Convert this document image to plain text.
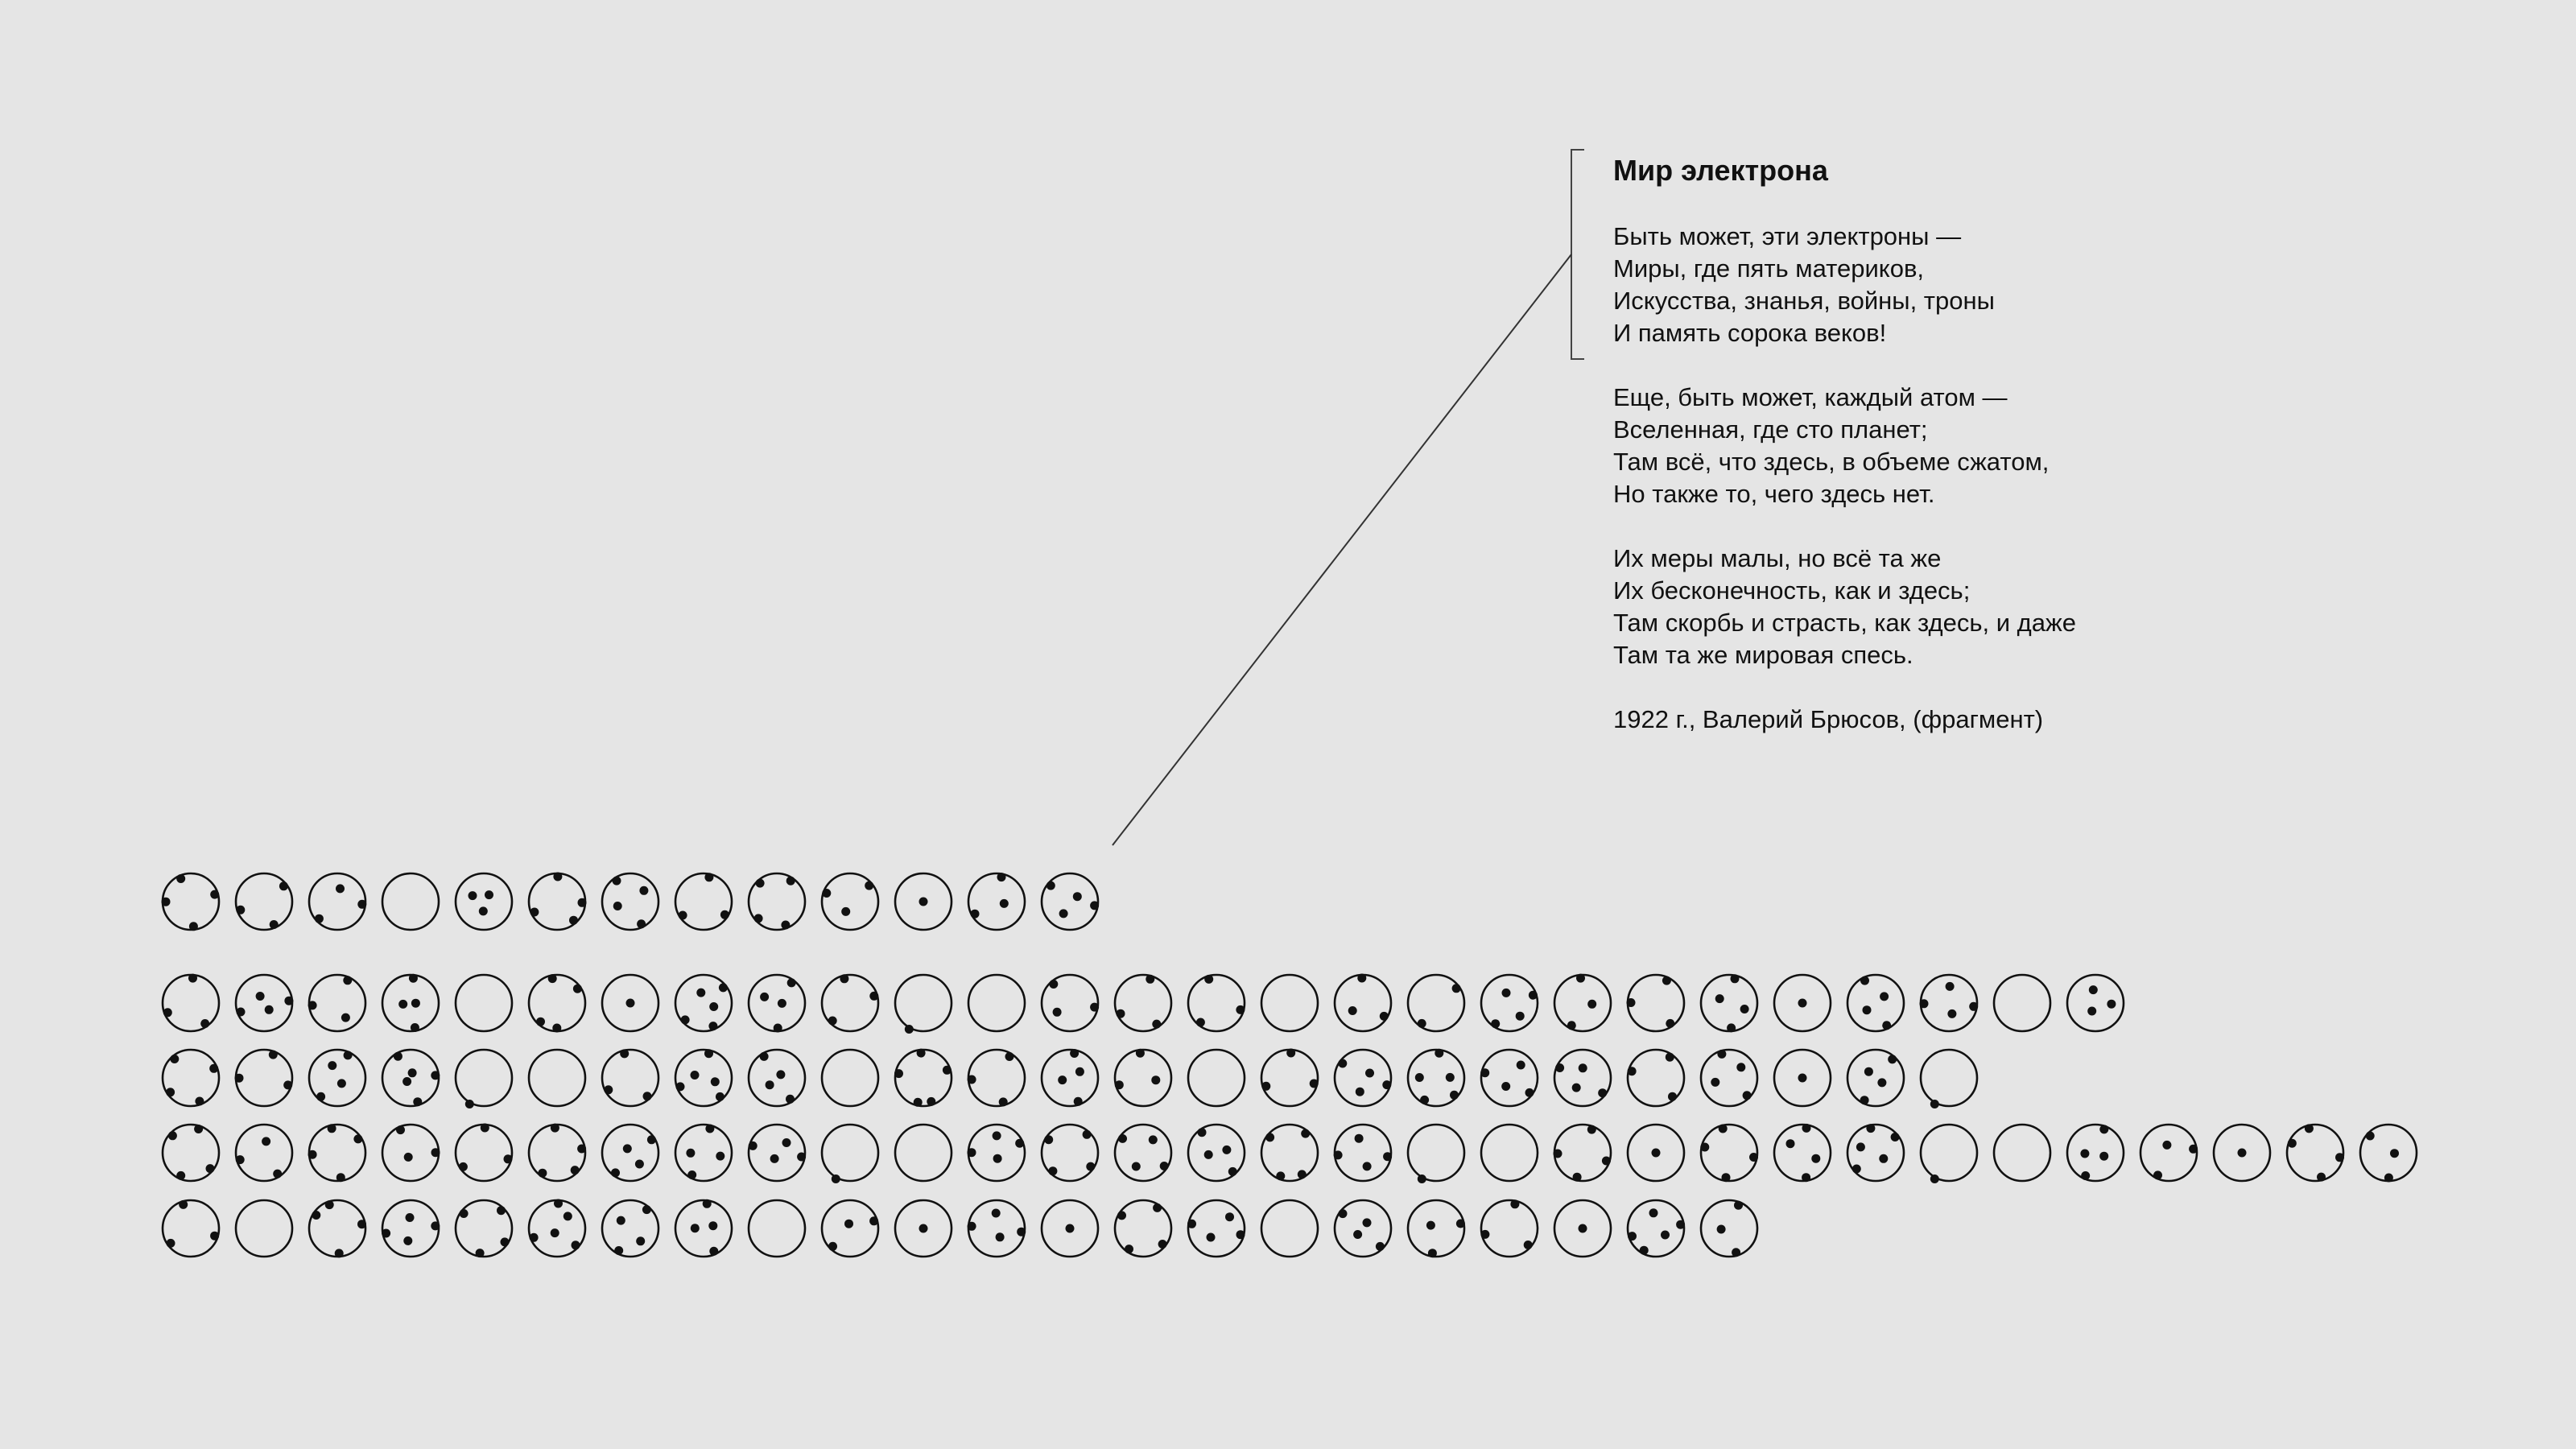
Мир электрона
Быть может, эти электроны —
Миры, где пять материков,
Искусства, знанья, войны, троны
И память сорока веков!
Еще, быть может, каждый атом —
Вселенная, где сто планет;
Там всё, что здесь, в объеме сжатом,
Но также то, чего здесь нет.
Их меры малы, но всё та же
Их бесконечность, как и здесь;
Там скорбь и страсть, как здесь, и даже
Там та же мировая спесь.
1922 г., Валерий Брюсов, (фрагмент)
